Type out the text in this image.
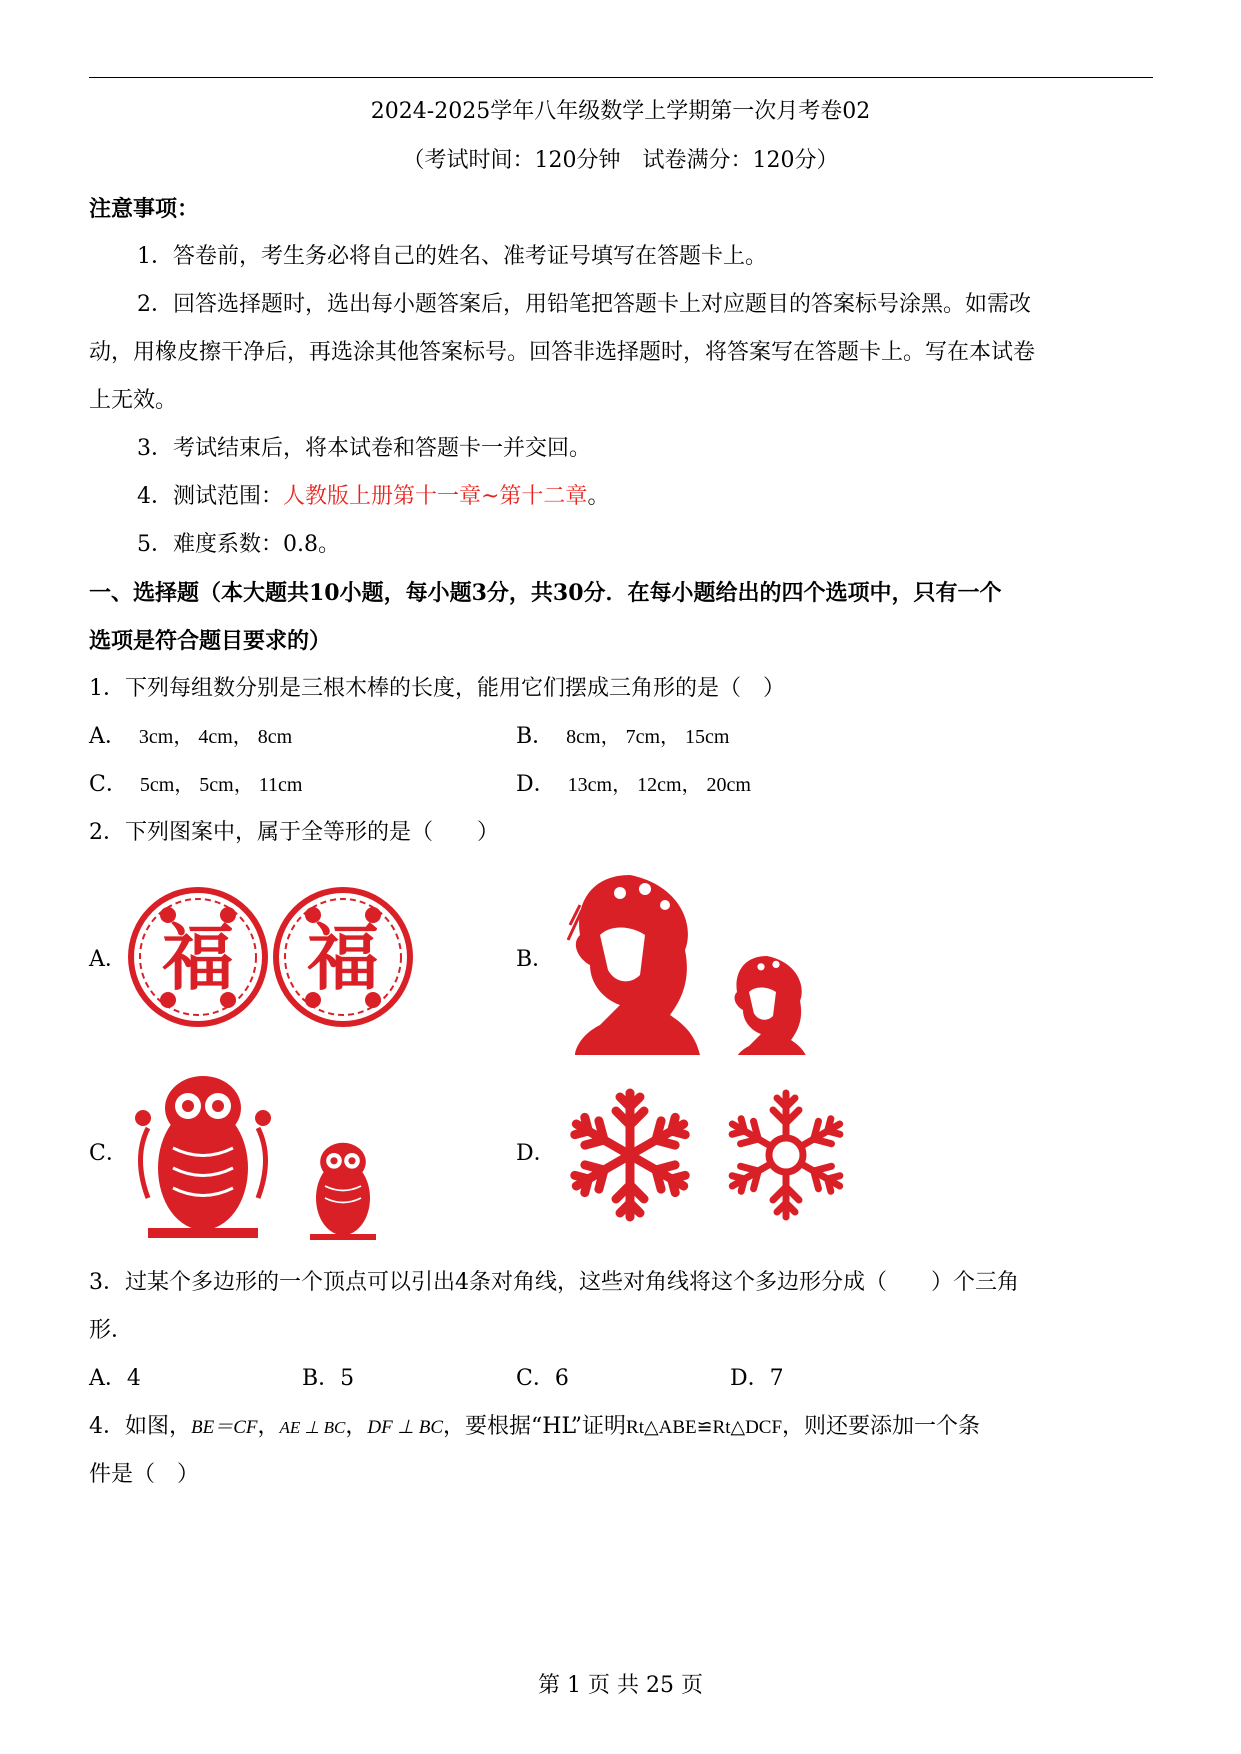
2024-2025学年八年级数学上学期第一次月考卷02
（考试时间：120分钟　试卷满分：120分）
注意事项：
1．答卷前，考生务必将自己的姓名、准考证号填写在答题卡上。
2．回答选择题时，选出每小题答案后，用铅笔把答题卡上对应题目的答案标号涂黑。如需改
动，用橡皮擦干净后，再选涂其他答案标号。回答非选择题时，将答案写在答题卡上。写在本试卷
上无效。
3．考试结束后，将本试卷和答题卡一并交回。
4．测试范围：人教版上册第十一章~第十二章。
5．难度系数：0.8。
一、选择题（本大题共10小题，每小题3分，共30分．在每小题给出的四个选项中，只有一个
选项是符合题目要求的）
1．下列每组数分别是三根木棒的长度，能用它们摆成三角形的是（　）
A． 3cm， 4cm， 8cm	B． 8cm， 7cm， 15cm
C． 5cm， 5cm， 11cm	D． 13cm， 12cm， 20cm
2．下列图案中，属于全等形的是（　　）
A． 福 福	B．
C．	D．
3．过某个多边形的一个顶点可以引出4条对角线，这些对角线将这个多边形分成（　　）个三角
形．
A．4	B．5	C．6	D．7
4．如图，BE＝CF，AE ⊥ BC，DF ⊥ BC，要根据“HL”证明Rt△ABE≌Rt△DCF，则还要添加一个条
件是（　）
第 1 页 共 25 页
